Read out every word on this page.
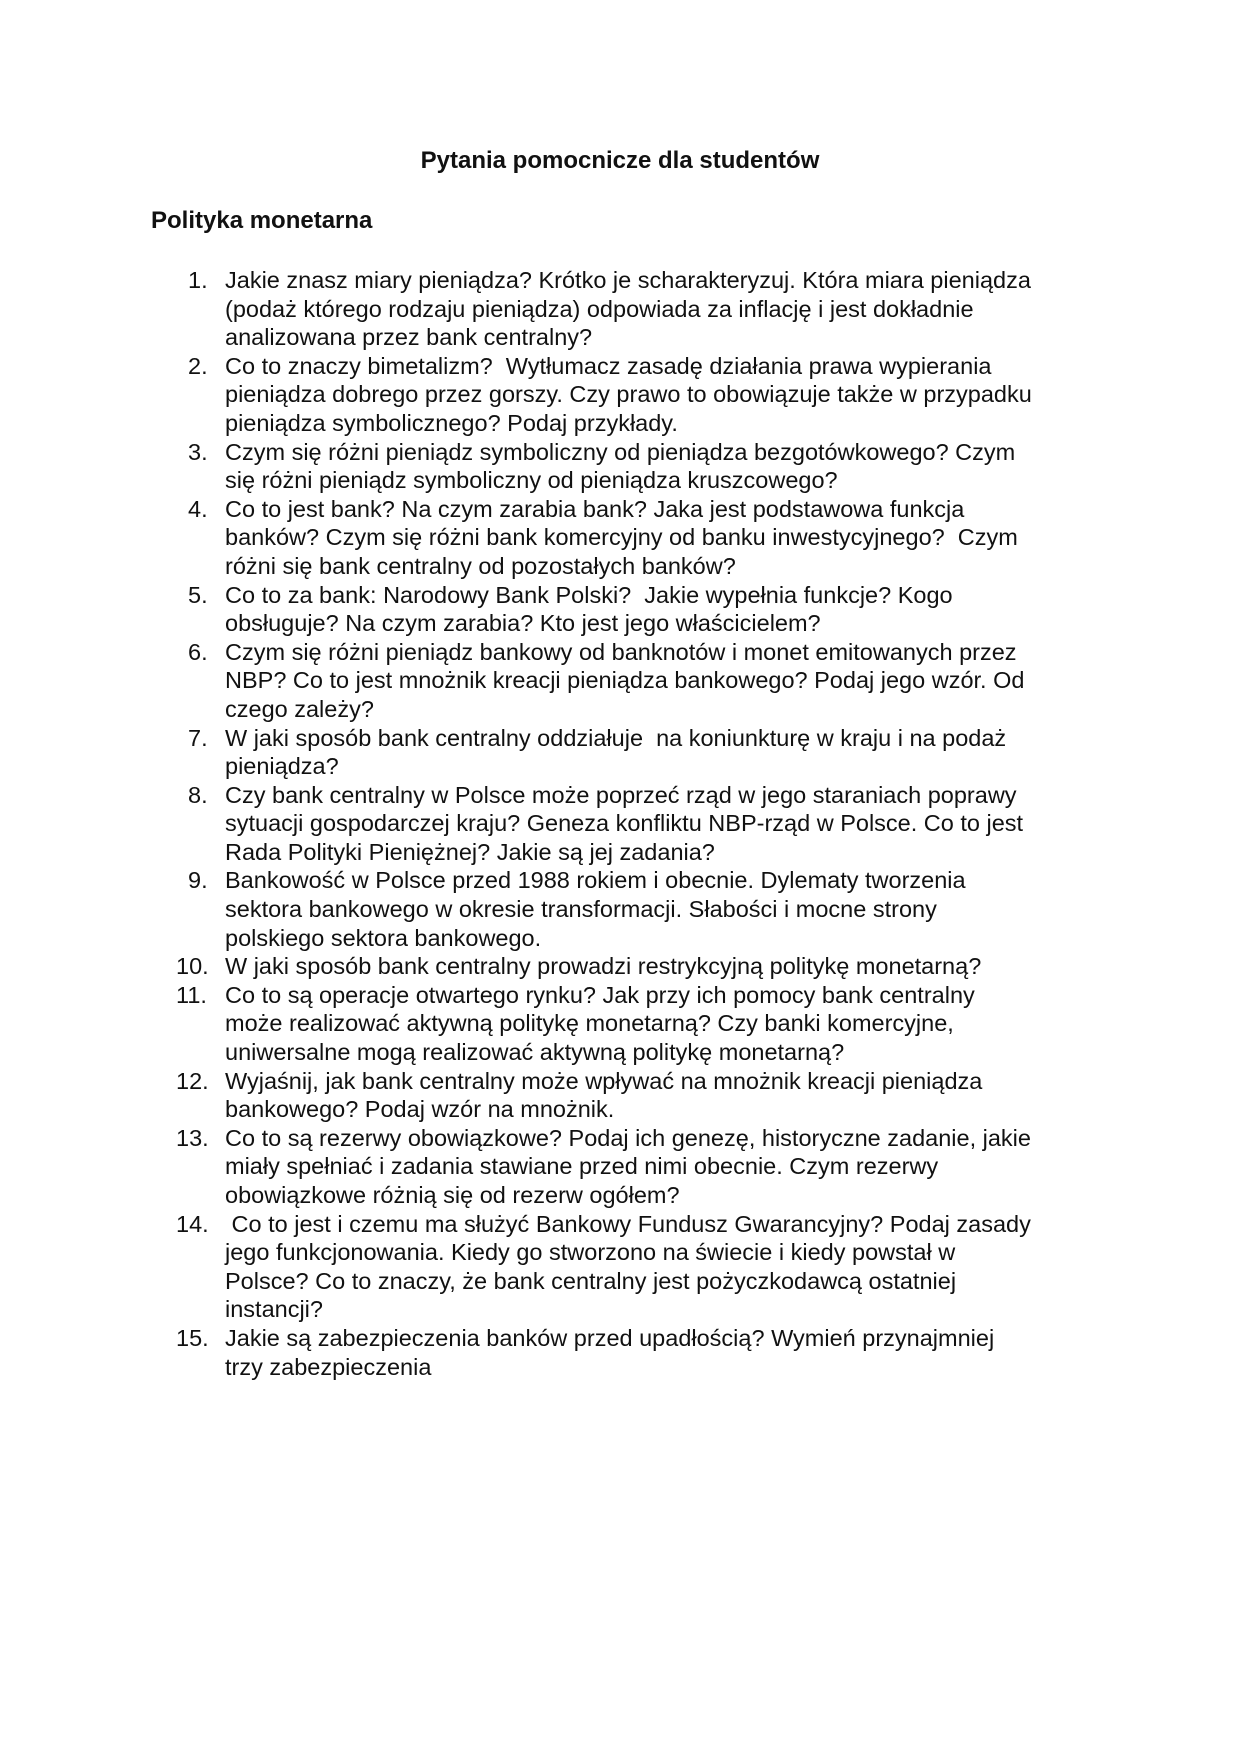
Pytania pomocnicze dla studentów
Polityka monetarna
1. Jakie znasz miary pieniądza? Krótko je scharakteryzuj. Która miara pieniądza
(podaż którego rodzaju pieniądza) odpowiada za inflację i jest dokładnie
analizowana przez bank centralny?
2. Co to znaczy bimetalizm?  Wytłumacz zasadę działania prawa wypierania
pieniądza dobrego przez gorszy. Czy prawo to obowiązuje także w przypadku
pieniądza symbolicznego? Podaj przykłady.
3. Czym się różni pieniądz symboliczny od pieniądza bezgotówkowego? Czym
się różni pieniądz symboliczny od pieniądza kruszcowego?
4. Co to jest bank? Na czym zarabia bank? Jaka jest podstawowa funkcja
banków? Czym się różni bank komercyjny od banku inwestycyjnego?  Czym
różni się bank centralny od pozostałych banków?
5. Co to za bank: Narodowy Bank Polski?  Jakie wypełnia funkcje? Kogo
obsługuje? Na czym zarabia? Kto jest jego właścicielem?
6. Czym się różni pieniądz bankowy od banknotów i monet emitowanych przez
NBP? Co to jest mnożnik kreacji pieniądza bankowego? Podaj jego wzór. Od
czego zależy?
7. W jaki sposób bank centralny oddziałuje  na koniunkturę w kraju i na podaż
pieniądza?
8. Czy bank centralny w Polsce może poprzeć rząd w jego staraniach poprawy
sytuacji gospodarczej kraju? Geneza konfliktu NBP-rząd w Polsce. Co to jest
Rada Polityki Pieniężnej? Jakie są jej zadania?
9. Bankowość w Polsce przed 1988 rokiem i obecnie. Dylematy tworzenia
sektora bankowego w okresie transformacji. Słabości i mocne strony
polskiego sektora bankowego.
10. W jaki sposób bank centralny prowadzi restrykcyjną politykę monetarną?
11. Co to są operacje otwartego rynku? Jak przy ich pomocy bank centralny
może realizować aktywną politykę monetarną? Czy banki komercyjne,
uniwersalne mogą realizować aktywną politykę monetarną?
12. Wyjaśnij, jak bank centralny może wpływać na mnożnik kreacji pieniądza
bankowego? Podaj wzór na mnożnik.
13. Co to są rezerwy obowiązkowe? Podaj ich genezę, historyczne zadanie, jakie
miały spełniać i zadania stawiane przed nimi obecnie. Czym rezerwy
obowiązkowe różnią się od rezerw ogółem?
14. Co to jest i czemu ma służyć Bankowy Fundusz Gwarancyjny? Podaj zasady
jego funkcjonowania. Kiedy go stworzono na świecie i kiedy powstał w
Polsce? Co to znaczy, że bank centralny jest pożyczkodawcą ostatniej
instancji?
15. Jakie są zabezpieczenia banków przed upadłością? Wymień przynajmniej
trzy zabezpieczenia
